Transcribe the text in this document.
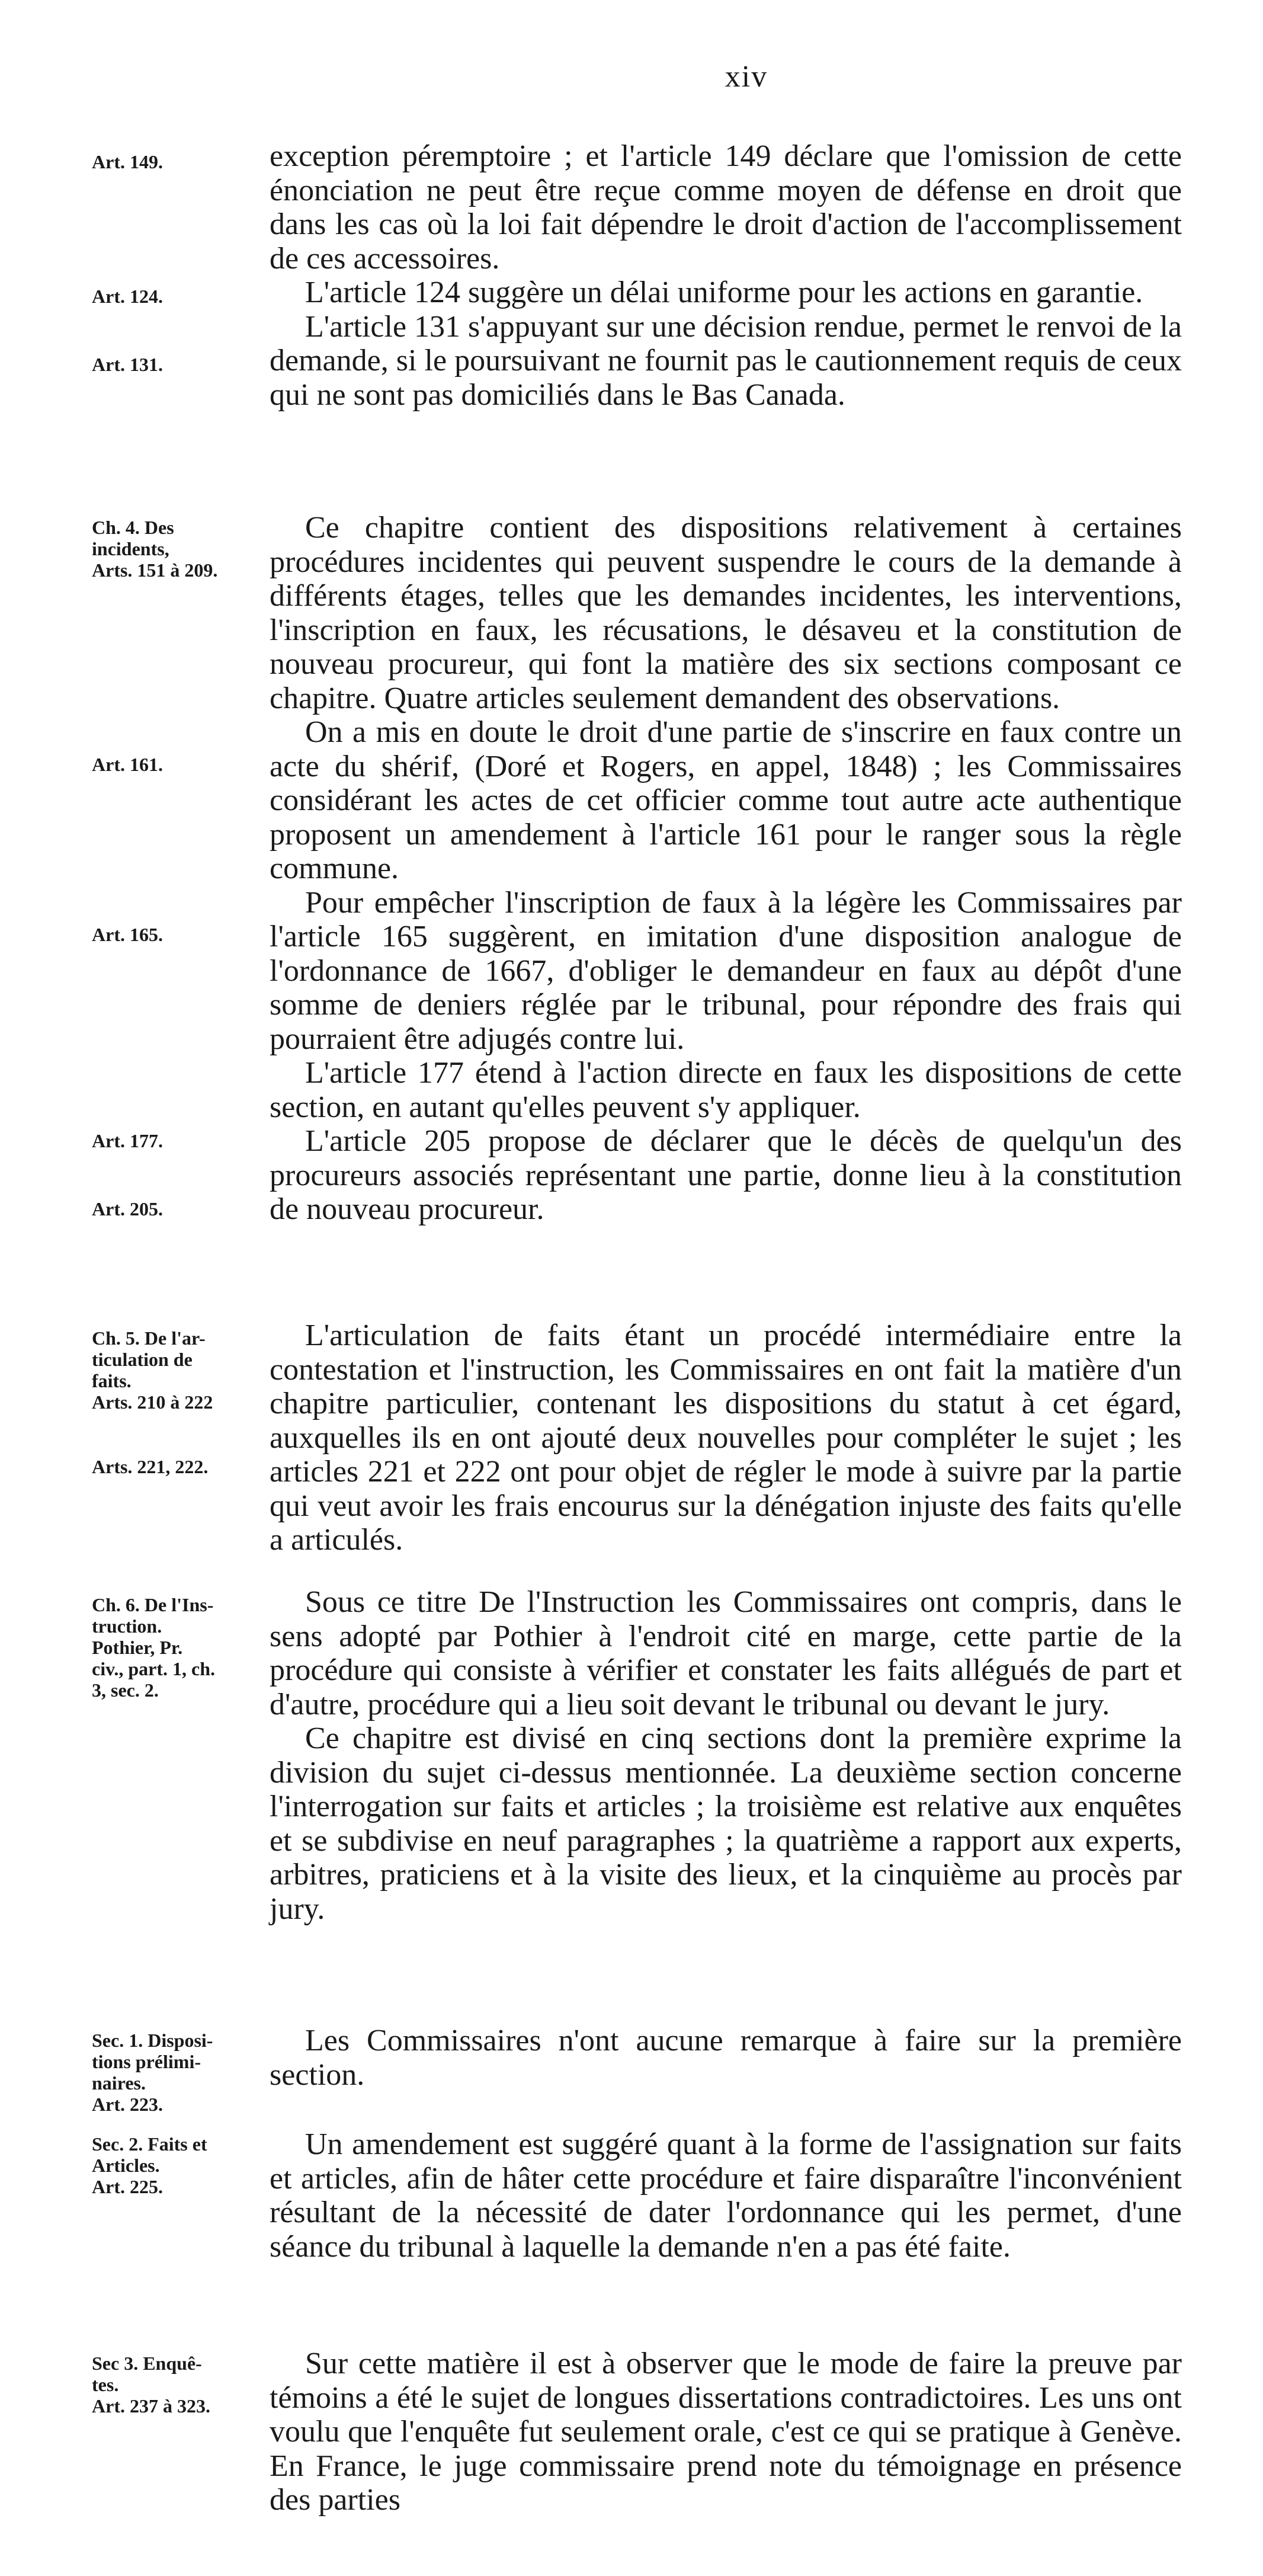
xiv
Art. 149.
Art. 124.
Art. 131.

exception péremptoire ; et l'article 149 déclare que l'omission de cette énonciation ne peut être reçue comme moyen de défense en droit que dans les cas où la loi fait dépendre le droit d'action de l'accomplissement de ces accessoires.

L'article 124 suggère un délai uniforme pour les actions en garantie.

L'article 131 s'appuyant sur une décision rendue, permet le renvoi de la demande, si le poursuivant ne fournit pas le cautionnement requis de ceux qui ne sont pas domiciliés dans le Bas Canada.

Ch. 4. Des
incidents,
Arts. 151 à 209.
Art. 161.
Art. 165.
Art. 177.
Art. 205.

Ce chapitre contient des dispositions relativement à certaines procédures incidentes qui peuvent suspendre le cours de la demande à différents étages, telles que les demandes incidentes, les interventions, l'inscription en faux, les récusations, le désaveu et la constitution de nouveau procureur, qui font la matière des six sections composant ce chapitre. Quatre articles seulement demandent des observations.

On a mis en doute le droit d'une partie de s'inscrire en faux contre un acte du shérif, (Doré et Rogers, en appel, 1848) ; les Commissaires considérant les actes de cet officier comme tout autre acte authentique proposent un amendement à l'article 161 pour le ranger sous la règle commune.

Pour empêcher l'inscription de faux à la légère les Commissaires par l'article 165 suggèrent, en imitation d'une disposition analogue de l'ordonnance de 1667, d'obliger le demandeur en faux au dépôt d'une somme de deniers réglée par le tribunal, pour répondre des frais qui pourraient être adjugés contre lui.

L'article 177 étend à l'action directe en faux les dispositions de cette section, en autant qu'elles peuvent s'y appliquer.

L'article 205 propose de déclarer que le décès de quelqu'un des procureurs associés représentant une partie, donne lieu à la constitution de nouveau procureur.

Ch. 5. De l'ar-
ticulation de
faits.
Arts. 210 à 222
Arts. 221, 222.

L'articulation de faits étant un procédé intermédiaire entre la contestation et l'instruction, les Commissaires en ont fait la matière d'un chapitre particulier, contenant les dispositions du statut à cet égard, auxquelles ils en ont ajouté deux nouvelles pour compléter le sujet ; les articles 221 et 222 ont pour objet de régler le mode à suivre par la partie qui veut avoir les frais encourus sur la dénégation injuste des faits qu'elle a articulés.

Ch. 6. De l'Ins-
truction.
Pothier, Pr.
civ., part. 1, ch.
3, sec. 2.

Sous ce titre De l'Instruction les Commissaires ont compris, dans le sens adopté par Pothier à l'endroit cité en marge, cette partie de la procédure qui consiste à vérifier et constater les faits allégués de part et d'autre, procédure qui a lieu soit devant le tribunal ou devant le jury.

Ce chapitre est divisé en cinq sections dont la première exprime la division du sujet ci-dessus mentionnée. La deuxième section concerne l'interrogation sur faits et articles ; la troisième est relative aux enquêtes et se subdivise en neuf paragraphes ; la quatrième a rapport aux experts, arbitres, praticiens et à la visite des lieux, et la cinquième au procès par jury.

Sec. 1. Disposi-
tions prélimi-
naires.
Art. 223.

Les Commissaires n'ont aucune remarque à faire sur la première section.

Sec. 2. Faits et
Articles.
Art. 225.

Un amendement est suggéré quant à la forme de l'assignation sur faits et articles, afin de hâter cette procédure et faire disparaître l'inconvénient résultant de la nécessité de dater l'ordonnance qui les permet, d'une séance du tribunal à laquelle la demande n'en a pas été faite.

Sec 3. Enquê-
tes.
Art. 237 à 323.

Sur cette matière il est à observer que le mode de faire la preuve par témoins a été le sujet de longues dissertations contradictoires. Les uns ont voulu que l'enquête fut seulement orale, c'est ce qui se pratique à Genève. En France, le juge commissaire prend note du témoignage en présence des parties
